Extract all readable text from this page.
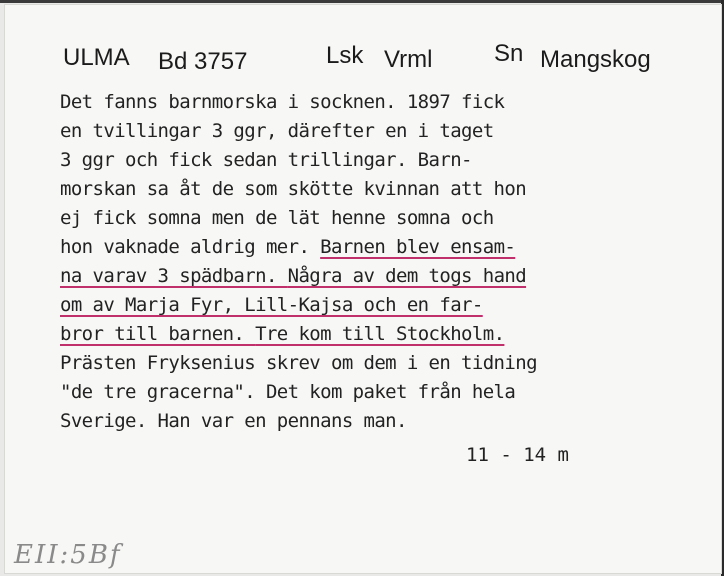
ULMA Bd 3757	Lsk Vrml	Sn Mangskog
Det fanns barnmorska i socknen. 1897 fick
en tvillingar 3 ggr, därefter en i taget
3 ggr och fick sedan trillingar. Barn-
morskan sa åt de som skötte kvinnan att hon
ej fick somna men de lät henne somna och
hon vaknade aldrig mer. Barnen blev ensam-
na varav 3 spädbarn. Några av dem togs hand
om av Marja Fyr, Lill-Kajsa och en far-
bror till barnen. Tre kom till Stockholm.
Prästen Fryksenius skrev om dem i en tidning
"de tre gracerna". Det kom paket från hela
Sverige. Han var en pennans man.
11 - 14 m
EII:5Bf
